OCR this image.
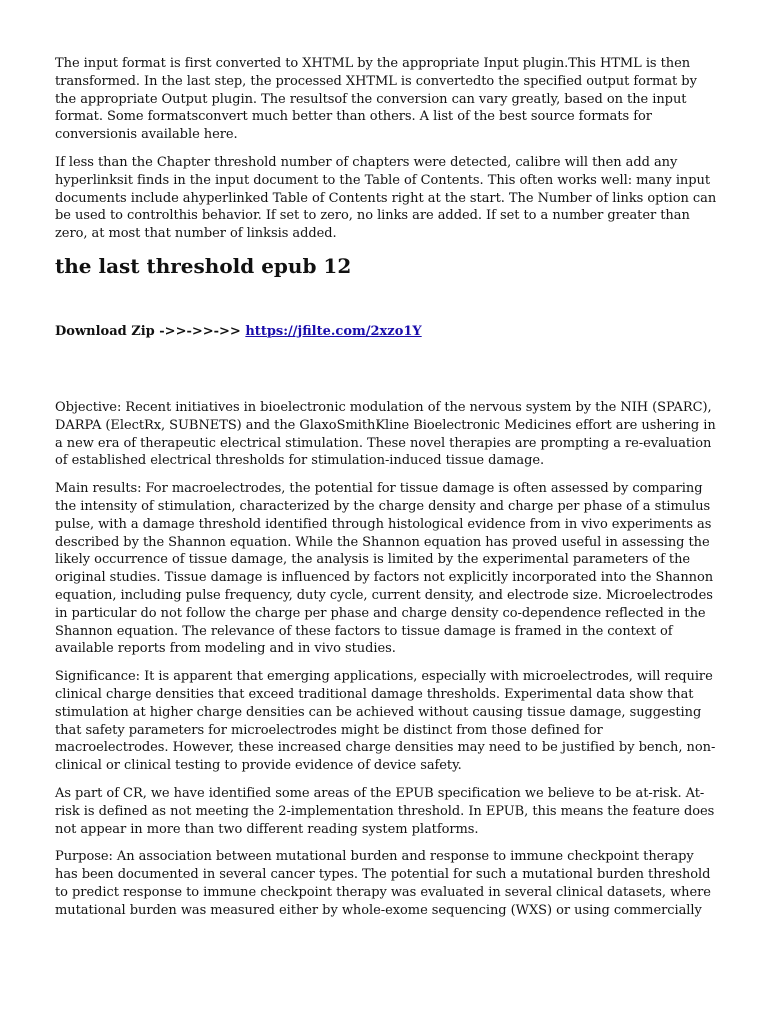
The input format is first converted to XHTML by the appropriate Input plugin.This HTML is then transformed. In the last step, the processed XHTML is convertedto the specified output format by the appropriate Output plugin. The resultsof the conversion can vary greatly, based on the input format. Some formatsconvert much better than others. A list of the best source formats for conversionis available here.

If less than the Chapter threshold number of chapters were detected, calibre will then add any hyperlinksit finds in the input document to the Table of Contents. This often works well: many input documents include ahyperlinked Table of Contents right at the start. The Number of links option can be used to controlthis behavior. If set to zero, no links are added. If set to a number greater than zero, at most that number of linksis added.

the last threshold epub 12

Download Zip ->>->>->> https://jfilte.com/2xzo1Y

Objective: Recent initiatives in bioelectronic modulation of the nervous system by the NIH (SPARC), DARPA (ElectRx, SUBNETS) and the GlaxoSmithKline Bioelectronic Medicines effort are ushering in a new era of therapeutic electrical stimulation. These novel therapies are prompting a re-evaluation of established electrical thresholds for stimulation-induced tissue damage.

Main results: For macroelectrodes, the potential for tissue damage is often assessed by comparing the intensity of stimulation, characterized by the charge density and charge per phase of a stimulus pulse, with a damage threshold identified through histological evidence from in vivo experiments as described by the Shannon equation. While the Shannon equation has proved useful in assessing the likely occurrence of tissue damage, the analysis is limited by the experimental parameters of the original studies. Tissue damage is influenced by factors not explicitly incorporated into the Shannon equation, including pulse frequency, duty cycle, current density, and electrode size. Microelectrodes in particular do not follow the charge per phase and charge density co-dependence reflected in the Shannon equation. The relevance of these factors to tissue damage is framed in the context of available reports from modeling and in vivo studies.

Significance: It is apparent that emerging applications, especially with microelectrodes, will require clinical charge densities that exceed traditional damage thresholds. Experimental data show that stimulation at higher charge densities can be achieved without causing tissue damage, suggesting that safety parameters for microelectrodes might be distinct from those defined for macroelectrodes. However, these increased charge densities may need to be justified by bench, non-clinical or clinical testing to provide evidence of device safety.

As part of CR, we have identified some areas of the EPUB specification we believe to be at-risk. At-risk is defined as not meeting the 2-implementation threshold. In EPUB, this means the feature does not appear in more than two different reading system platforms.

Purpose: An association between mutational burden and response to immune checkpoint therapy has been documented in several cancer types. The potential for such a mutational burden threshold to predict response to immune checkpoint therapy was evaluated in several clinical datasets, where mutational burden was measured either by whole-exome sequencing (WXS) or using commercially
